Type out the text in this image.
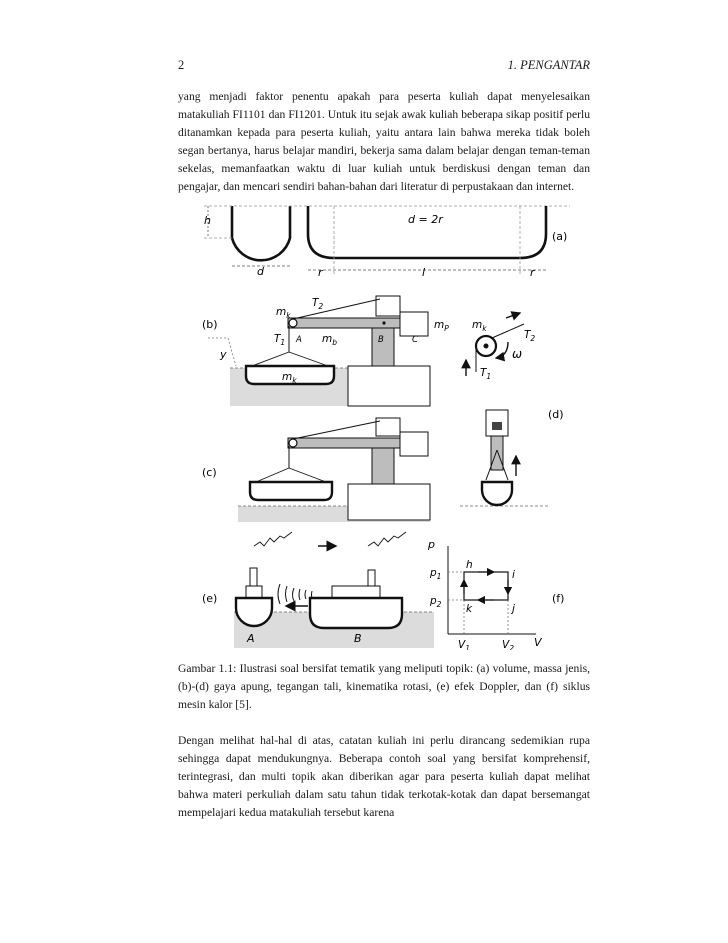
2	1. PENGANTAR

yang menjadi faktor penentu apakah para peserta kuliah dapat menyelesaikan matakuliah FI1101 dan FI1201. Untuk itu sejak awak kuliah beberapa sikap positif perlu ditanamkan kepada para peserta kuliah, yaitu antara lain bahwa mereka tidak boleh segan bertanya, harus belajar mandiri, bekerja sama dalam belajar dengan teman-teman sekelas, memanfaatkan waktu di luar kuliah untuk berdiskusi dengan teman dan pengajar, dan mencari sendiri bahan-bahan dari literatur di perpustakaan dan internet.

h
d
d = 2r
r	l	r
(a)
(b)
y
$m_k$
$T_2$
$T_1$ A $m_b$	B	C
$m_P$
$m_k$
$m_k$
$T_2$
$T_1$
ω
(c)
(d)
(e)
A	B
(f)
p
V
$p_1$
$p_2$
$V_1$	$V_2$
h
i
j
k

Gambar 1.1: Ilustrasi soal bersifat tematik yang meliputi topik: (a) volume, massa jenis, (b)-(d) gaya apung, tegangan tali, kinematika rotasi, (e) efek Doppler, dan (f) siklus mesin kalor [5].

Dengan melihat hal-hal di atas, catatan kuliah ini perlu dirancang sedemikian rupa sehingga dapat mendukungnya. Beberapa contoh soal yang bersifat komprehensif, terintegrasi, dan multi topik akan diberikan agar para peserta kuliah dapat melihat bahwa materi perkuliah dalam satu tahun tidak terkotak-kotak dan dapat bersemangat mempelajari kedua matakuliah tersebut karena
